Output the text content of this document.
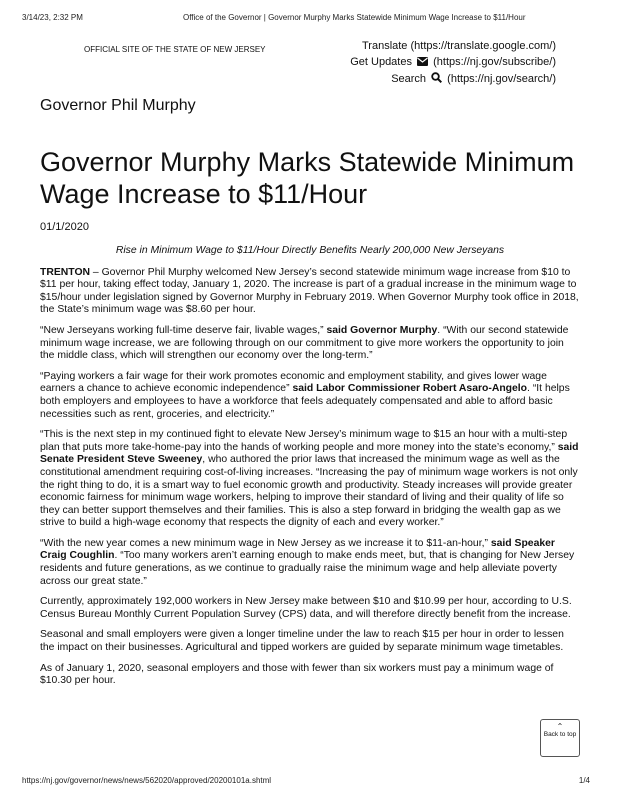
3/14/23, 2:32 PM	Office of the Governor | Governor Murphy Marks Statewide Minimum Wage Increase to $11/Hour
OFFICIAL SITE OF THE STATE OF NEW JERSEY	Translate (https://translate.google.com/)
Get Updates (https://nj.gov/subscribe/)
Search (https://nj.gov/search/)
Governor Phil Murphy
Governor Murphy Marks Statewide Minimum Wage Increase to $11/Hour
01/1/2020

Rise in Minimum Wage to $11/Hour Directly Benefits Nearly 200,000 New Jerseyans

TRENTON – Governor Phil Murphy welcomed New Jersey’s second statewide minimum wage increase from $10 to $11 per hour, taking effect today, January 1, 2020. The increase is part of a gradual increase in the minimum wage to $15/hour under legislation signed by Governor Murphy in February 2019. When Governor Murphy took office in 2018, the State’s minimum wage was $8.60 per hour.

“New Jerseyans working full-time deserve fair, livable wages,” said Governor Murphy. “With our second statewide minimum wage increase, we are following through on our commitment to give more workers the opportunity to join the middle class, which will strengthen our economy over the long-term.”

“Paying workers a fair wage for their work promotes economic and employment stability, and gives lower wage earners a chance to achieve economic independence” said Labor Commissioner Robert Asaro-Angelo. “It helps both employers and employees to have a workforce that feels adequately compensated and able to afford basic necessities such as rent, groceries, and electricity.”

“This is the next step in my continued fight to elevate New Jersey’s minimum wage to $15 an hour with a multi-step plan that puts more take-home-pay into the hands of working people and more money into the state’s economy,” said Senate President Steve Sweeney, who authored the prior laws that increased the minimum wage as well as the constitutional amendment requiring cost-of-living increases. “Increasing the pay of minimum wage workers is not only the right thing to do, it is a smart way to fuel economic growth and productivity. Steady increases will provide greater economic fairness for minimum wage workers, helping to improve their standard of living and their quality of life so they can better support themselves and their families. This is also a step forward in bridging the wealth gap as we strive to build a high-wage economy that respects the dignity of each and every worker.”

“With the new year comes a new minimum wage in New Jersey as we increase it to $11-an-hour,” said Speaker Craig Coughlin. “Too many workers aren’t earning enough to make ends meet, but, that is changing for New Jersey residents and future generations, as we continue to gradually raise the minimum wage and help alleviate poverty across our great state.”

Currently, approximately 192,000 workers in New Jersey make between $10 and $10.99 per hour, according to U.S. Census Bureau Monthly Current Population Survey (CPS) data, and will therefore directly benefit from the increase.

Seasonal and small employers were given a longer timeline under the law to reach $15 per hour in order to lessen the impact on their businesses. Agricultural and tipped workers are guided by separate minimum wage timetables.

As of January 1, 2020, seasonal employers and those with fewer than six workers must pay a minimum wage of $10.30 per hour.

⌃
Back to top
https://nj.gov/governor/news/news/562020/approved/20200101a.shtml	1/4
